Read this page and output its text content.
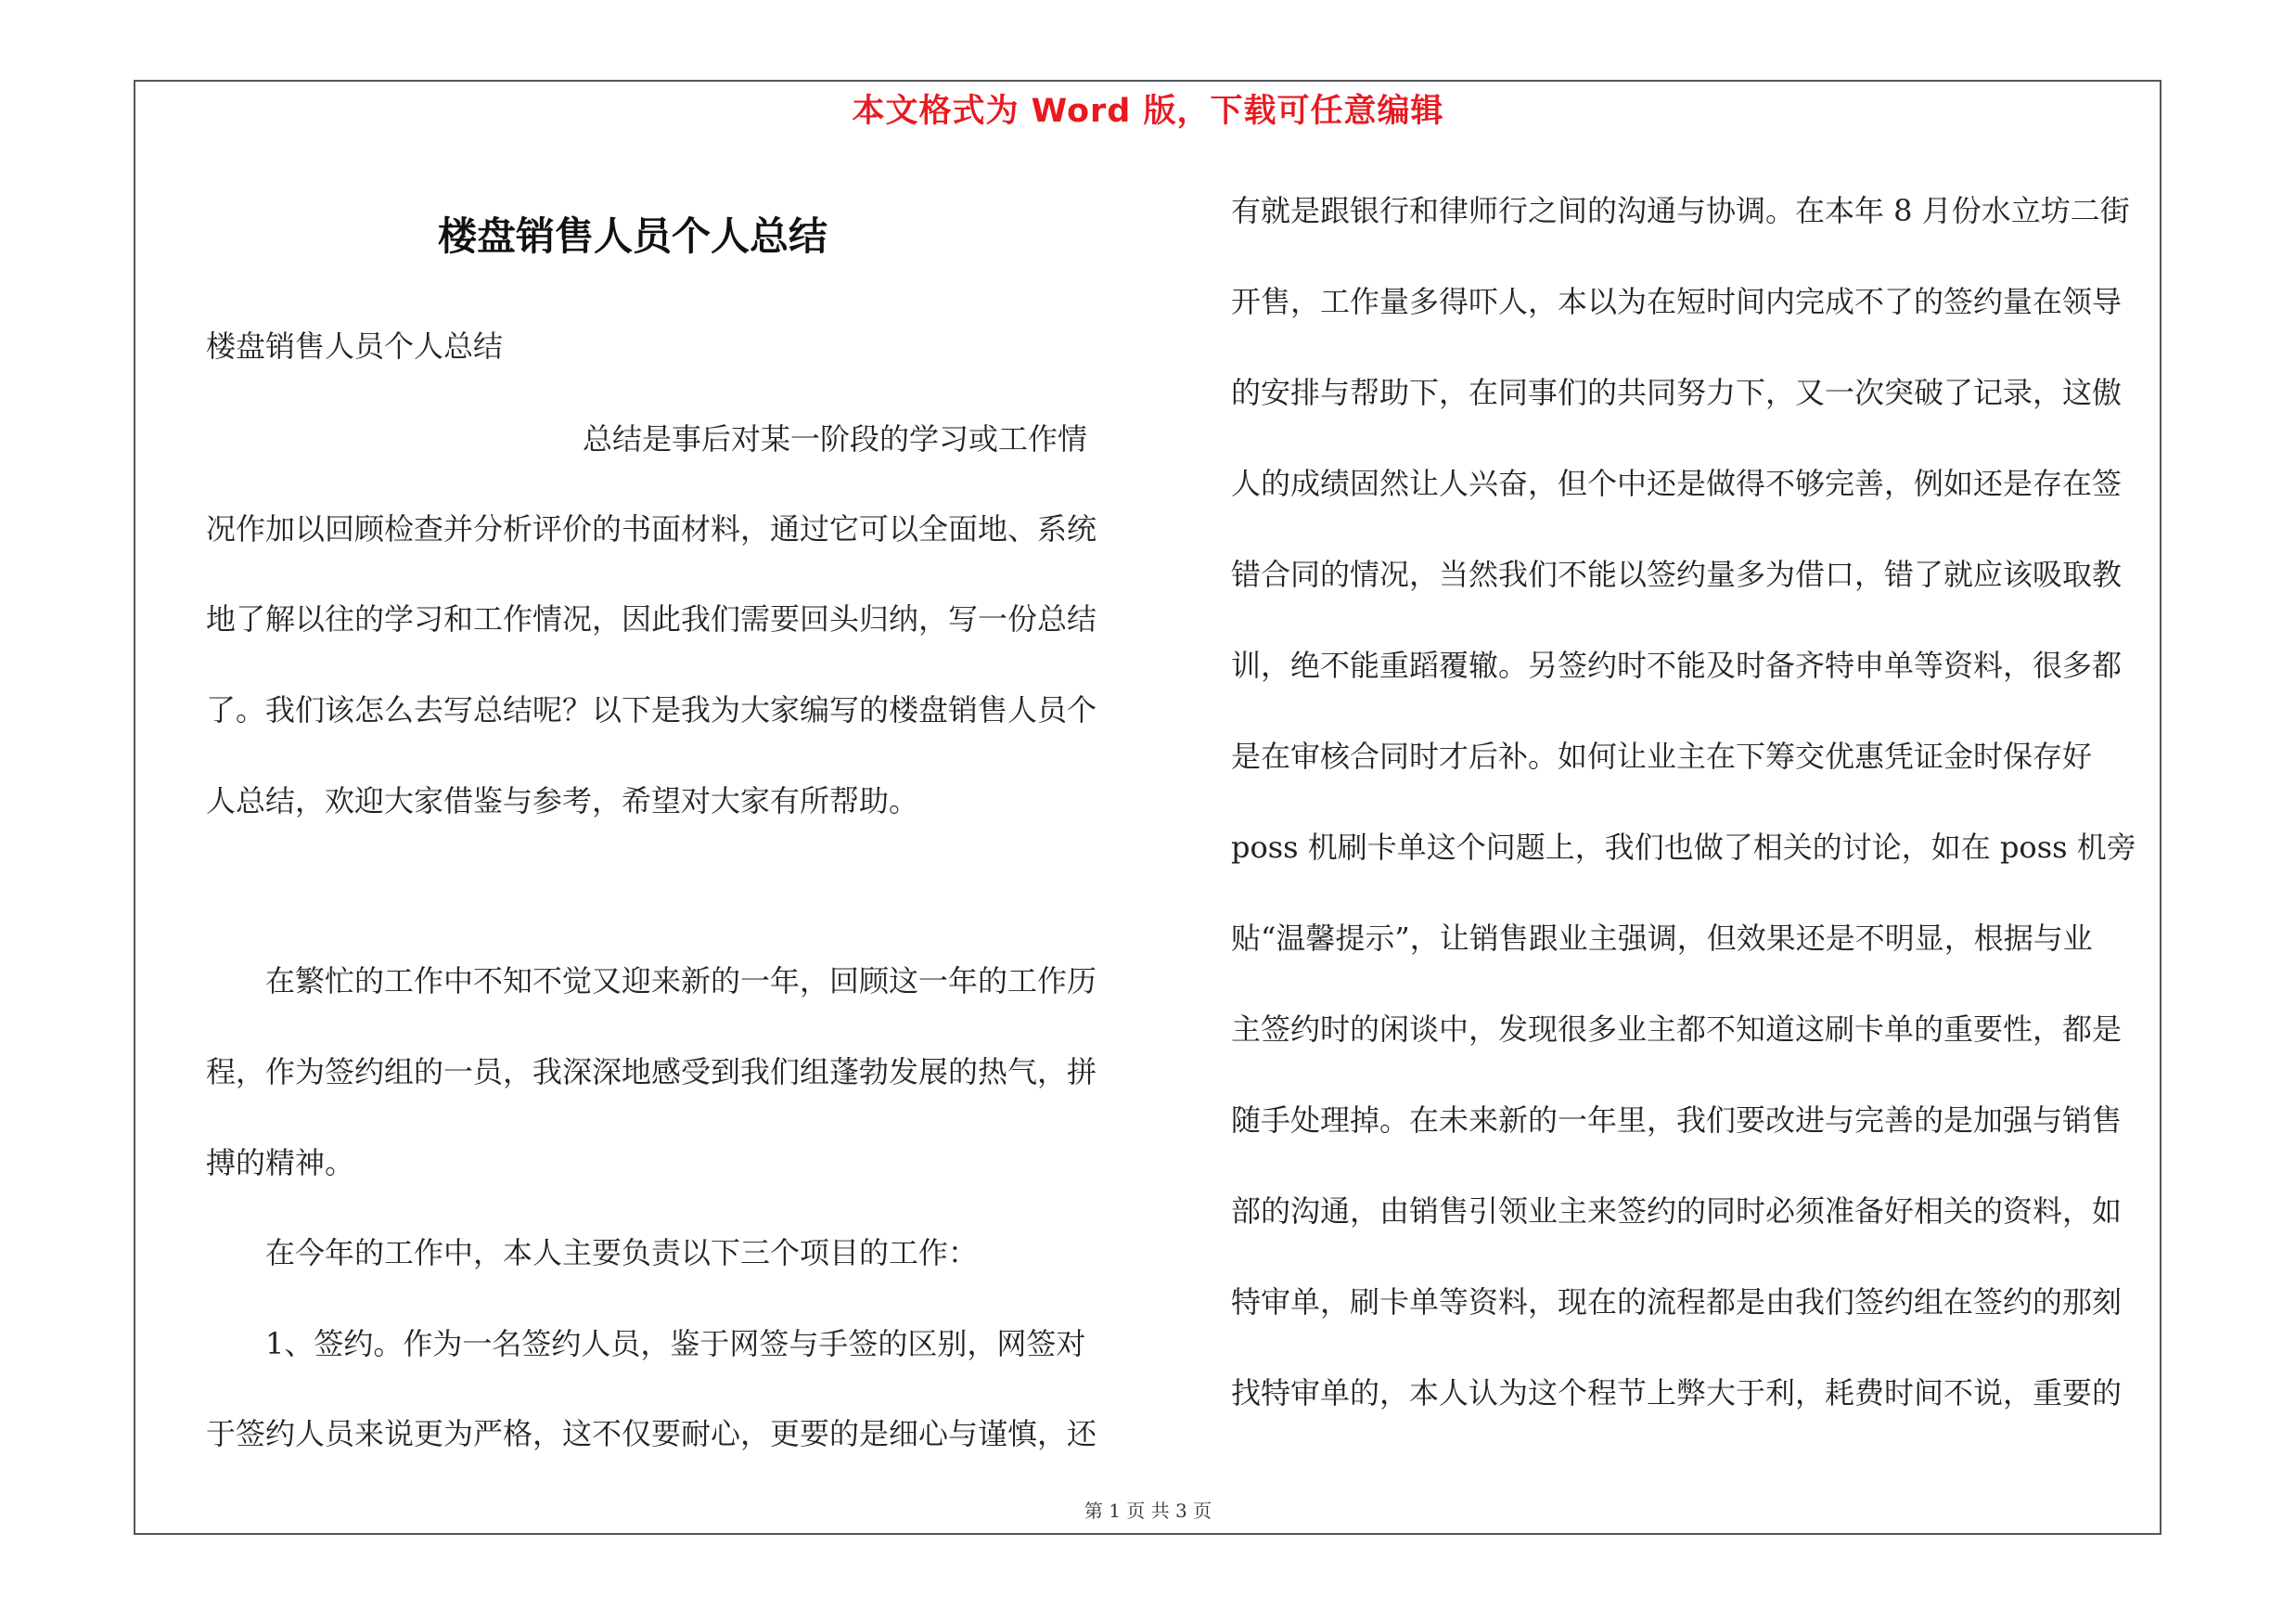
本文格式为 Word 版，下载可任意编辑
楼盘销售人员个人总结
楼盘销售人员个人总结
总结是事后对某一阶段的学习或工作情
况作加以回顾检查并分析评价的书面材料，通过它可以全面地、系统
地了解以往的学习和工作情况，因此我们需要回头归纳，写一份总结
了。我们该怎么去写总结呢？以下是我为大家编写的楼盘销售人员个
人总结，欢迎大家借鉴与参考，希望对大家有所帮助。
在繁忙的工作中不知不觉又迎来新的一年，回顾这一年的工作历
程，作为签约组的一员，我深深地感受到我们组蓬勃发展的热气，拼
搏的精神。
在今年的工作中，本人主要负责以下三个项目的工作：
1、签约。作为一名签约人员，鉴于网签与手签的区别，网签对
于签约人员来说更为严格，这不仅要耐心，更要的是细心与谨慎，还
有就是跟银行和律师行之间的沟通与协调。在本年 8 月份水立坊二街
开售，工作量多得吓人，本以为在短时间内完成不了的签约量在领导
的安排与帮助下，在同事们的共同努力下，又一次突破了记录，这傲
人的成绩固然让人兴奋，但个中还是做得不够完善，例如还是存在签
错合同的情况，当然我们不能以签约量多为借口，错了就应该吸取教
训，绝不能重蹈覆辙。另签约时不能及时备齐特申单等资料，很多都
是在审核合同时才后补。如何让业主在下筹交优惠凭证金时保存好
poss 机刷卡单这个问题上，我们也做了相关的讨论，如在 poss 机旁
贴“温馨提示”，让销售跟业主强调，但效果还是不明显，根据与业
主签约时的闲谈中，发现很多业主都不知道这刷卡单的重要性，都是
随手处理掉。在未来新的一年里，我们要改进与完善的是加强与销售
部的沟通，由销售引领业主来签约的同时必须准备好相关的资料，如
特审单，刷卡单等资料，现在的流程都是由我们签约组在签约的那刻
找特审单的，本人认为这个程节上弊大于利，耗费时间不说，重要的
第 1 页 共 3 页
